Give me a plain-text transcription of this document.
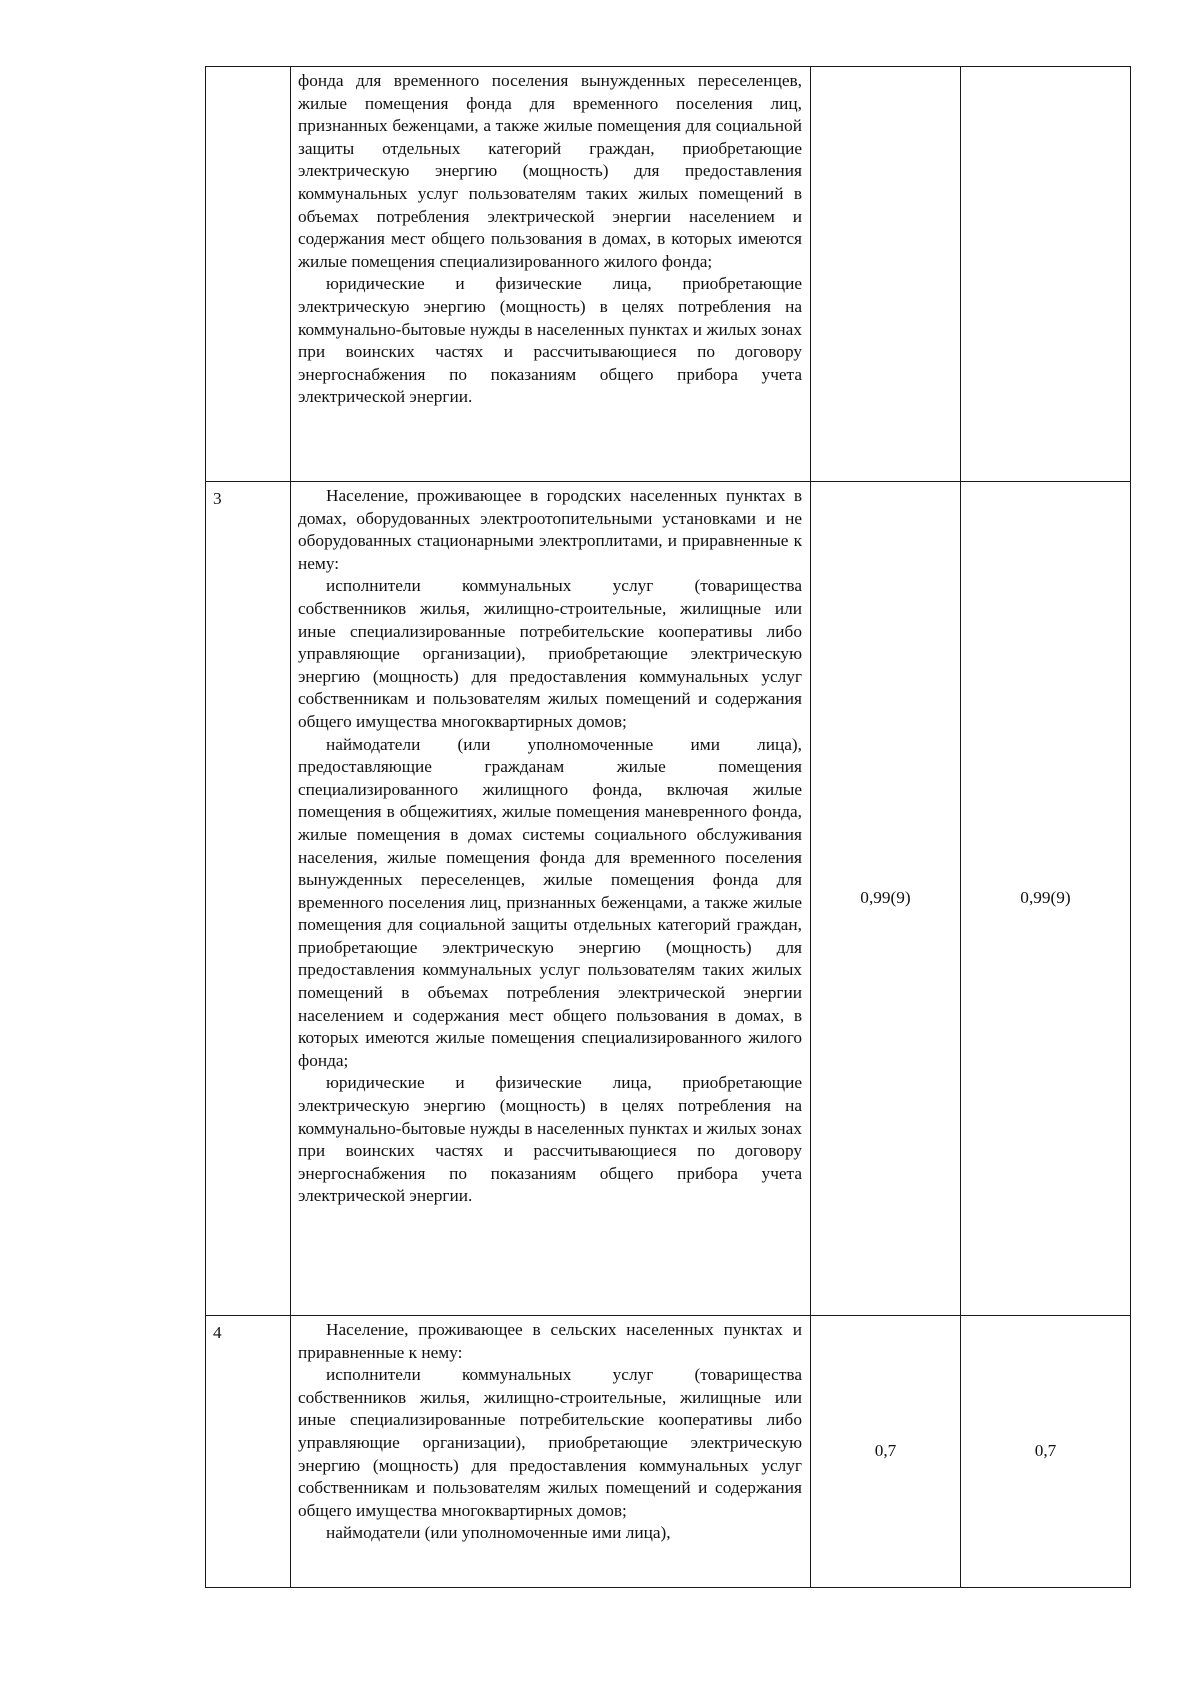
	фонда для временного поселения вынужденных переселенцев, жилые помещения фонда для временного поселения лиц, признанных беженцами, а также жилые помещения для социальной защиты отдельных категорий граждан, приобретающие электрическую энергию (мощность) для предоставления коммунальных услуг пользователям таких жилых помещений в объемах потребления электрической энергии населением и содержания мест общего пользования в домах, в которых имеются жилые помещения специализированного жилого фонда;

юридические и физические лица, приобретающие электрическую энергию (мощность) в целях потребления на коммунально-бытовые нужды в населенных пунктах и жилых зонах при воинских частях и рассчитывающиеся по договору энергоснабжения по показаниям общего прибора учета электрической энергии.		

3	Население, проживающее в городских населенных пунктах в домах, оборудованных электроотопительными установками и не оборудованных стационарными электроплитами, и приравненные к нему:

исполнители коммунальных услуг (товарищества собственников жилья, жилищно-строительные, жилищные или иные специализированные потребительские кооперативы либо управляющие организации), приобретающие электрическую энергию (мощность) для предоставления коммунальных услуг собственникам и пользователям жилых помещений и содержания общего имущества многоквартирных домов;

наймодатели (или уполномоченные ими лица), предоставляющие гражданам жилые помещения специализированного жилищного фонда, включая жилые помещения в общежитиях, жилые помещения маневренного фонда, жилые помещения в домах системы социального обслуживания населения, жилые помещения фонда для временного поселения вынужденных переселенцев, жилые помещения фонда для временного поселения лиц, признанных беженцами, а также жилые помещения для социальной защиты отдельных категорий граждан, приобретающие электрическую энергию (мощность) для предоставления коммунальных услуг пользователям таких жилых помещений в объемах потребления электрической энергии населением и содержания мест общего пользования в домах, в которых имеются жилые помещения специализированного жилого фонда;

юридические и физические лица, приобретающие электрическую энергию (мощность) в целях потребления на коммунально-бытовые нужды в населенных пунктах и жилых зонах при воинских частях и рассчитывающиеся по договору энергоснабжения по показаниям общего прибора учета электрической энергии.	0,99(9)	0,99(9)

4	Население, проживающее в сельских населенных пунктах и приравненные к нему:

исполнители коммунальных услуг (товарищества собственников жилья, жилищно-строительные, жилищные или иные специализированные потребительские кооперативы либо управляющие организации), приобретающие электрическую энергию (мощность) для предоставления коммунальных услуг собственникам и пользователям жилых помещений и содержания общего имущества многоквартирных домов;

наймодатели (или уполномоченные ими лица),	0,7	0,7
